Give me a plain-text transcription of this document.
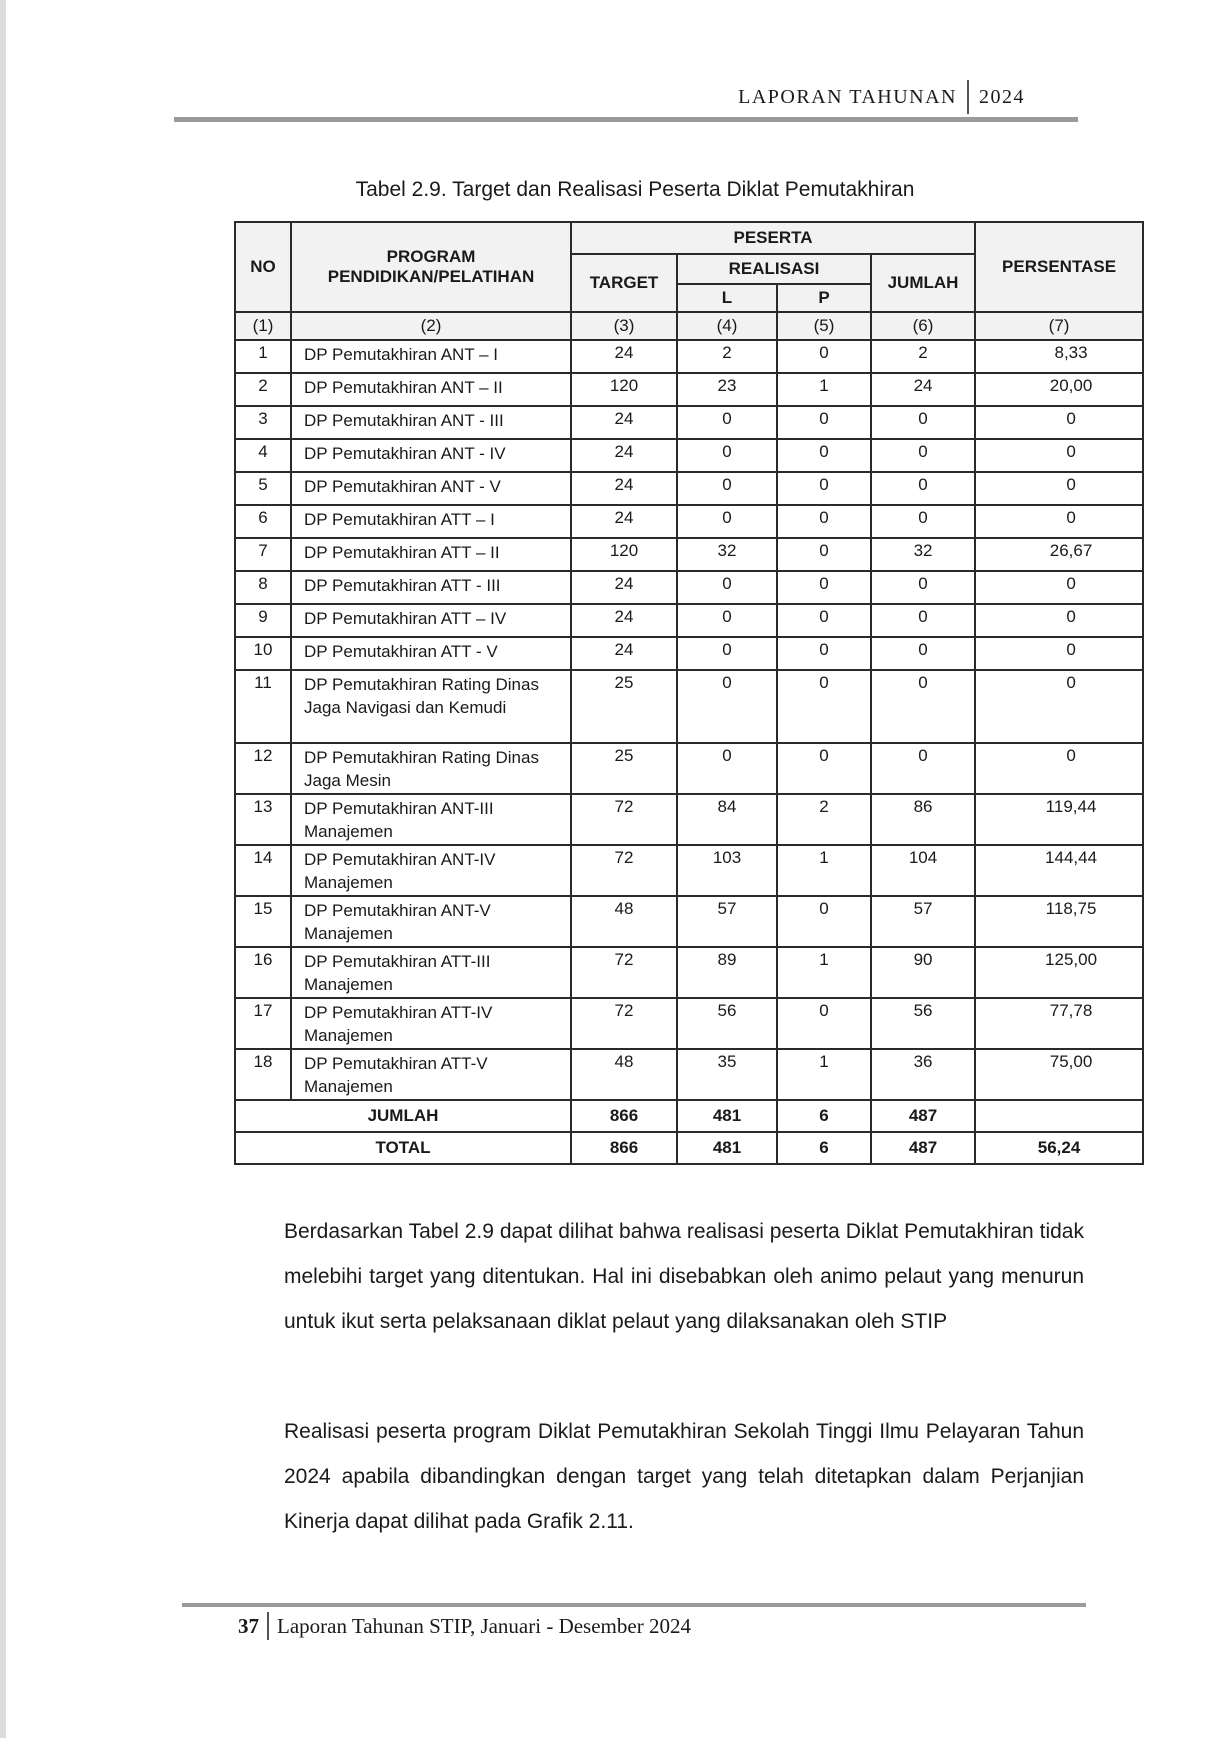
LAPORAN TAHUNAN 2024
Tabel 2.9. Target dan Realisasi Peserta Diklat Pemutakhiran
NO	PROGRAM PENDIDIKAN/PELATIHAN	PESERTA				PERSENTASE
		TARGET	REALISASI		JUMLAH	
			L	P		
(1)	(2)	(3)	(4)	(5)	(6)	(7)
1	DP Pemutakhiran ANT – I	24	2	0	2	8,33
2	DP Pemutakhiran ANT – II	120	23	1	24	20,00
3	DP Pemutakhiran ANT - III	24	0	0	0	0
4	DP Pemutakhiran ANT - IV	24	0	0	0	0
5	DP Pemutakhiran ANT - V	24	0	0	0	0
6	DP Pemutakhiran ATT – I	24	0	0	0	0
7	DP Pemutakhiran ATT – II	120	32	0	32	26,67
8	DP Pemutakhiran ATT - III	24	0	0	0	0
9	DP Pemutakhiran ATT – IV	24	0	0	0	0
10	DP Pemutakhiran ATT - V	24	0	0	0	0
11	DP Pemutakhiran Rating Dinas Jaga Navigasi dan Kemudi	25	0	0	0	0
12	DP Pemutakhiran Rating Dinas Jaga Mesin	25	0	0	0	0
13	DP Pemutakhiran ANT-III Manajemen	72	84	2	86	119,44
14	DP Pemutakhiran ANT-IV Manajemen	72	103	1	104	144,44
15	DP Pemutakhiran ANT-V Manajemen	48	57	0	57	118,75
16	DP Pemutakhiran ATT-III Manajemen	72	89	1	90	125,00
17	DP Pemutakhiran ATT-IV Manajemen	72	56	0	56	77,78
18	DP Pemutakhiran ATT-V Manajemen	48	35	1	36	75,00
JUMLAH		866	481	6	487	
TOTAL		866	481	6	487	56,24

Berdasarkan Tabel 2.9 dapat dilihat bahwa realisasi peserta Diklat Pemutakhiran tidak melebihi target yang ditentukan. Hal ini disebabkan oleh animo pelaut yang menurun untuk ikut serta pelaksanaan diklat pelaut yang dilaksanakan oleh STIP

Realisasi peserta program Diklat Pemutakhiran Sekolah Tinggi Ilmu Pelayaran Tahun 2024 apabila dibandingkan dengan target yang telah ditetapkan dalam Perjanjian Kinerja dapat dilihat pada Grafik 2.11.

37 Laporan Tahunan STIP, Januari - Desember 2024
